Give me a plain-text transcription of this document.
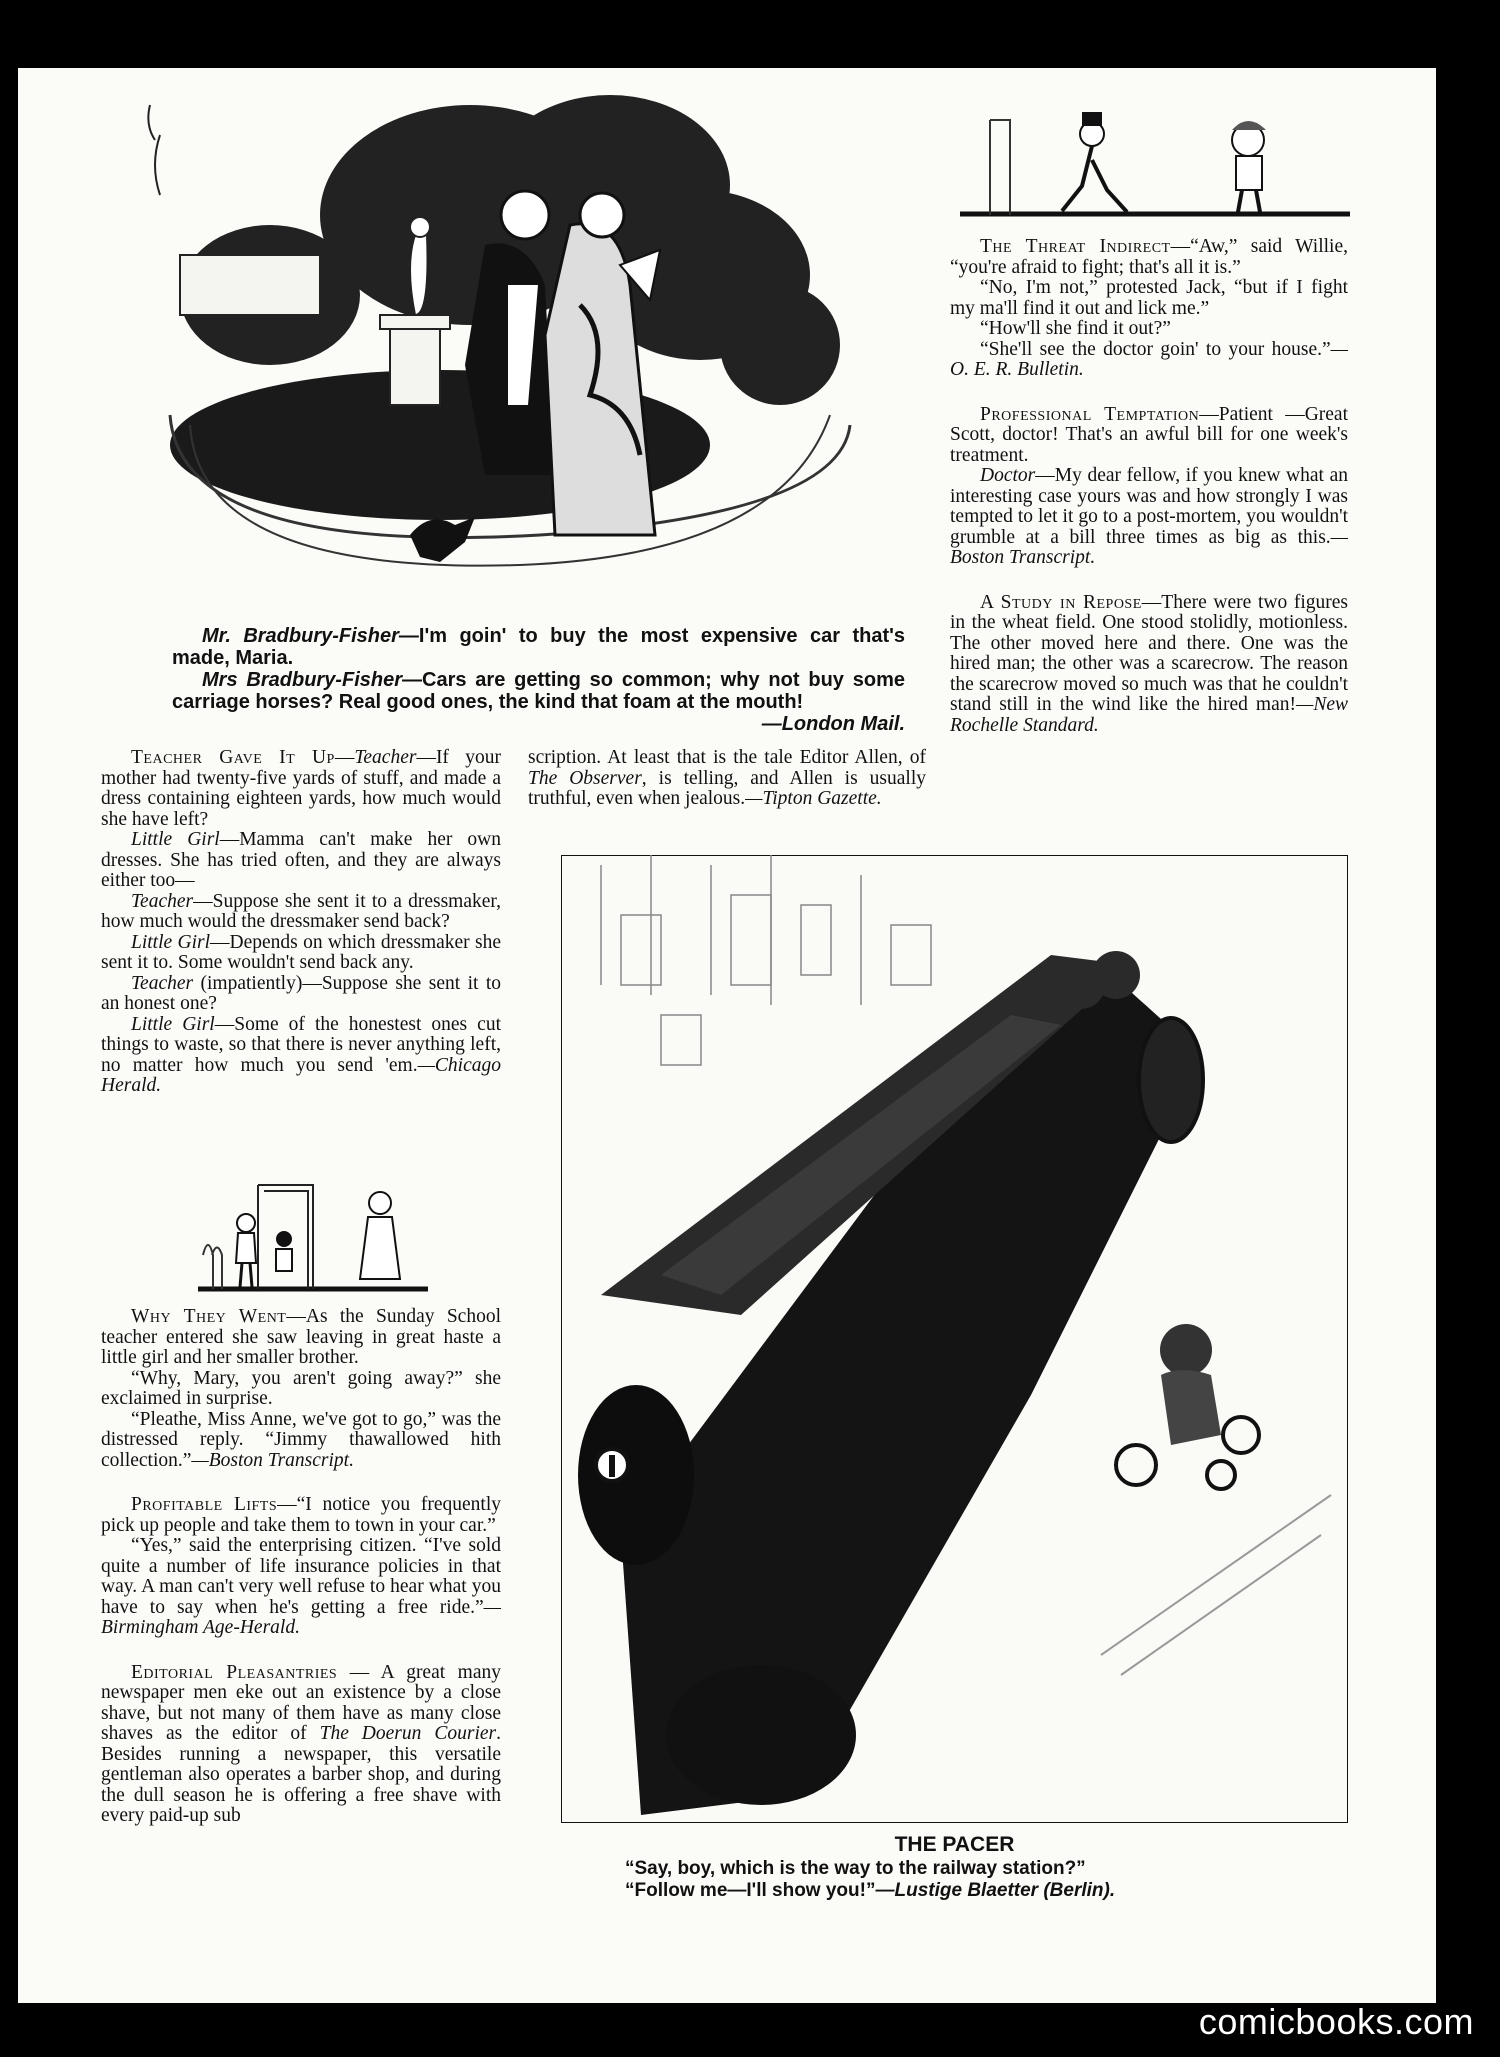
Mr. Bradbury-Fisher—I'm goin' to buy the most expensive car that's made, Maria.

Mrs Bradbury-Fisher—Cars are getting so common; why not buy some carriage horses? Real good ones, the kind that foam at the mouth!

—London Mail.

The Threat Indirect—“Aw,” said Willie, “you're afraid to fight; that's all it is.”

“No, I'm not,” protested Jack, “but if I fight my ma'll find it out and lick me.”

“How'll she find it out?”

“She'll see the doctor goin' to your house.”—O. E. R. Bulletin.

Professional Temptation—Patient —Great Scott, doctor! That's an awful bill for one week's treatment.

Doctor—My dear fellow, if you knew what an interesting case yours was and how strongly I was tempted to let it go to a post-mortem, you wouldn't grumble at a bill three times as big as this.—Boston Transcript.

A Study in Repose—There were two figures in the wheat field. One stood stolidly, motionless. The other moved here and there. One was the hired man; the other was a scarecrow. The reason the scarecrow moved so much was that he couldn't stand still in the wind like the hired man!—New Rochelle Standard.

Teacher Gave It Up—Teacher—If your mother had twenty-five yards of stuff, and made a dress containing eighteen yards, how much would she have left?

Little Girl—Mamma can't make her own dresses. She has tried often, and they are always either too—

Teacher—Suppose she sent it to a dressmaker, how much would the dressmaker send back?

Little Girl—Depends on which dressmaker she sent it to. Some wouldn't send back any.

Teacher (impatiently)—Suppose she sent it to an honest one?

Little Girl—Some of the honestest ones cut things to waste, so that there is never anything left, no matter how much you send 'em.—Chicago Herald.

Why They Went—As the Sunday School teacher entered she saw leaving in great haste a little girl and her smaller brother.

“Why, Mary, you aren't going away?” she exclaimed in surprise.

“Pleathe, Miss Anne, we've got to go,” was the distressed reply. “Jimmy thawallowed hith collection.”—Boston Transcript.

Profitable Lifts—“I notice you frequently pick up people and take them to town in your car.”

“Yes,” said the enterprising citizen. “I've sold quite a number of life insurance policies in that way. A man can't very well refuse to hear what you have to say when he's getting a free ride.”—Birmingham Age-Herald.

Editorial Pleasantries — A great many newspaper men eke out an existence by a close shave, but not many of them have as many close shaves as the editor of The Doerun Courier. Besides running a newspaper, this versatile gentleman also operates a barber shop, and during the dull season he is offering a free shave with every paid-up sub

scription. At least that is the tale Editor Allen, of The Observer, is telling, and Allen is usually truthful, even when jealous.—Tipton Gazette.

THE PACER

“Say, boy, which is the way to the railway station?”

“Follow me—I'll show you!”—Lustige Blaetter (Berlin).

comicbooks.com
